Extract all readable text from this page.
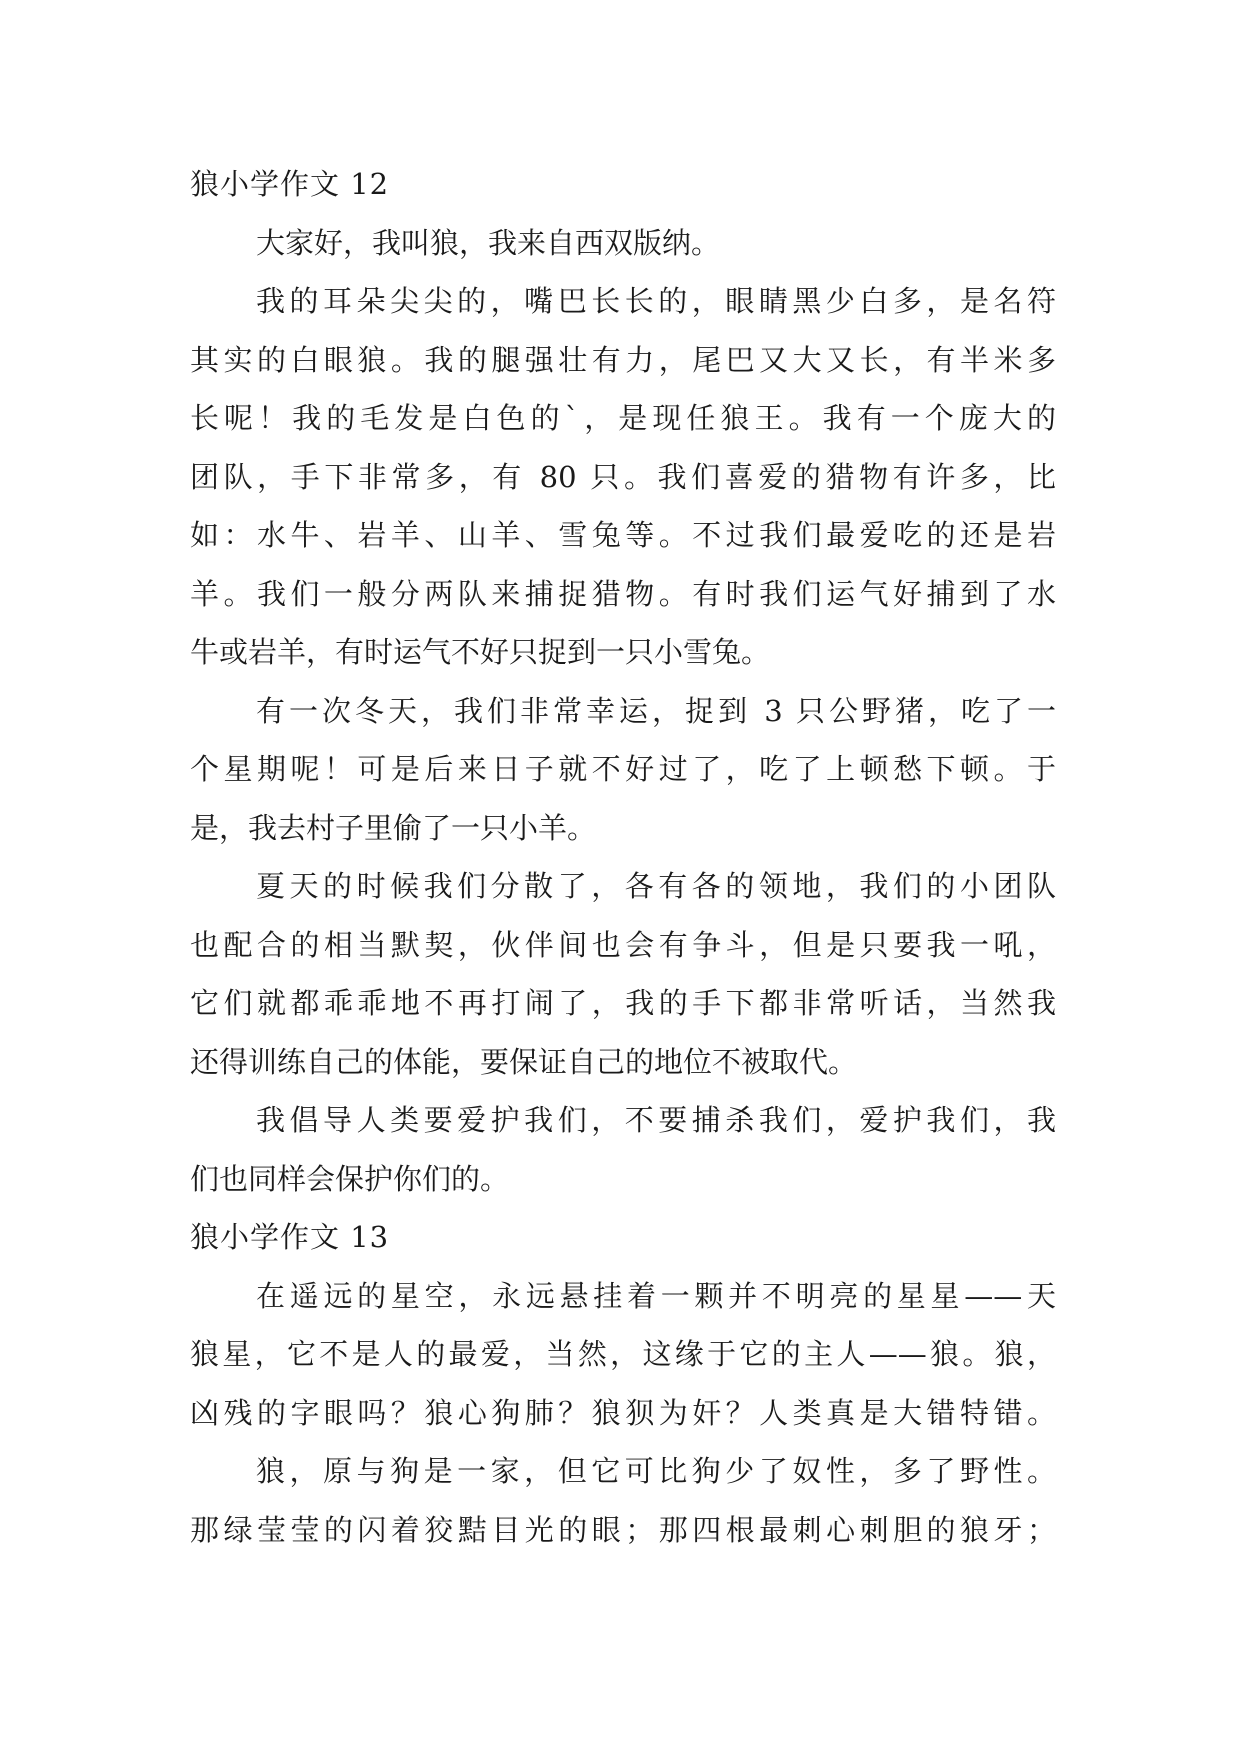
狼小学作文 12
大家好，我叫狼，我来自西双版纳。
我的耳朵尖尖的，嘴巴长长的，眼睛黑少白多，是名符
其实的白眼狼。我的腿强壮有力，尾巴又大又长，有半米多
长呢！我的毛发是白色的`，是现任狼王。我有一个庞大的
团队，手下非常多，有 80 只。我们喜爱的猎物有许多，比
如：水牛、岩羊、山羊、雪兔等。不过我们最爱吃的还是岩
羊。我们一般分两队来捕捉猎物。有时我们运气好捕到了水
牛或岩羊，有时运气不好只捉到一只小雪兔。
有一次冬天，我们非常幸运，捉到 3 只公野猪，吃了一
个星期呢！可是后来日子就不好过了，吃了上顿愁下顿。于
是，我去村子里偷了一只小羊。
夏天的时候我们分散了，各有各的领地，我们的小团队
也配合的相当默契，伙伴间也会有争斗，但是只要我一吼，
它们就都乖乖地不再打闹了，我的手下都非常听话，当然我
还得训练自己的体能，要保证自己的地位不被取代。
我倡导人类要爱护我们，不要捕杀我们，爱护我们，我
们也同样会保护你们的。
狼小学作文 13
在遥远的星空，永远悬挂着一颗并不明亮的星星——天
狼星，它不是人的最爱，当然，这缘于它的主人——狼。狼，
凶残的字眼吗？狼心狗肺？狼狈为奸？人类真是大错特错。
狼，原与狗是一家，但它可比狗少了奴性，多了野性。
那绿莹莹的闪着狡黠目光的眼；那四根最刺心刺胆的狼牙；
